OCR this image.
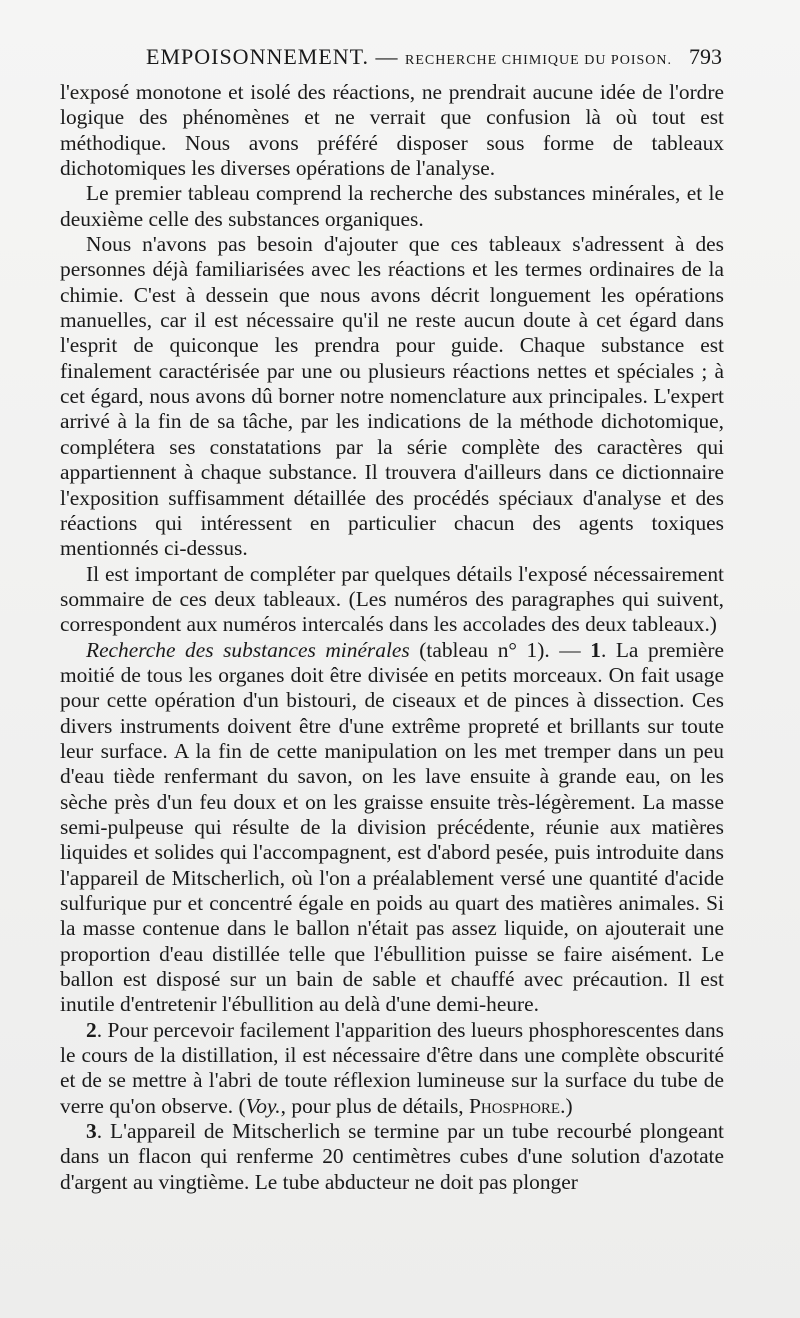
EMPOISONNEMENT. — RECHERCHE CHIMIQUE DU POISON. 793

l'exposé monotone et isolé des réactions, ne prendrait aucune idée de l'ordre logique des phénomènes et ne verrait que confusion là où tout est méthodique. Nous avons préféré disposer sous forme de tableaux dichotomiques les diverses opérations de l'analyse.

Le premier tableau comprend la recherche des substances minérales, et le deuxième celle des substances organiques.

Nous n'avons pas besoin d'ajouter que ces tableaux s'adressent à des personnes déjà familiarisées avec les réactions et les termes ordinaires de la chimie. C'est à dessein que nous avons décrit longuement les opérations manuelles, car il est nécessaire qu'il ne reste aucun doute à cet égard dans l'esprit de quiconque les prendra pour guide. Chaque substance est finalement caractérisée par une ou plusieurs réactions nettes et spéciales ; à cet égard, nous avons dû borner notre nomenclature aux principales. L'expert arrivé à la fin de sa tâche, par les indications de la méthode dichotomique, complétera ses constatations par la série complète des caractères qui appartiennent à chaque substance. Il trouvera d'ailleurs dans ce dictionnaire l'exposition suffisamment détaillée des procédés spéciaux d'analyse et des réactions qui intéressent en particulier chacun des agents toxiques mentionnés ci-dessus.

Il est important de compléter par quelques détails l'exposé nécessairement sommaire de ces deux tableaux. (Les numéros des paragraphes qui suivent, correspondent aux numéros intercalés dans les accolades des deux tableaux.)

Recherche des substances minérales (tableau n° 1). — 1. La première moitié de tous les organes doit être divisée en petits morceaux. On fait usage pour cette opération d'un bistouri, de ciseaux et de pinces à dissection. Ces divers instruments doivent être d'une extrême propreté et brillants sur toute leur surface. A la fin de cette manipulation on les met tremper dans un peu d'eau tiède renfermant du savon, on les lave ensuite à grande eau, on les sèche près d'un feu doux et on les graisse ensuite très-légèrement. La masse semi-pulpeuse qui résulte de la division précédente, réunie aux matières liquides et solides qui l'accompagnent, est d'abord pesée, puis introduite dans l'appareil de Mitscherlich, où l'on a préalablement versé une quantité d'acide sulfurique pur et concentré égale en poids au quart des matières animales. Si la masse contenue dans le ballon n'était pas assez liquide, on ajouterait une proportion d'eau distillée telle que l'ébullition puisse se faire aisément. Le ballon est disposé sur un bain de sable et chauffé avec précaution. Il est inutile d'entretenir l'ébullition au delà d'une demi-heure.

2. Pour percevoir facilement l'apparition des lueurs phosphorescentes dans le cours de la distillation, il est nécessaire d'être dans une complète obscurité et de se mettre à l'abri de toute réflexion lumineuse sur la surface du tube de verre qu'on observe. (Voy., pour plus de détails, Phosphore.)

3. L'appareil de Mitscherlich se termine par un tube recourbé plongeant dans un flacon qui renferme 20 centimètres cubes d'une solution d'azotate d'argent au vingtième. Le tube abducteur ne doit pas plonger
